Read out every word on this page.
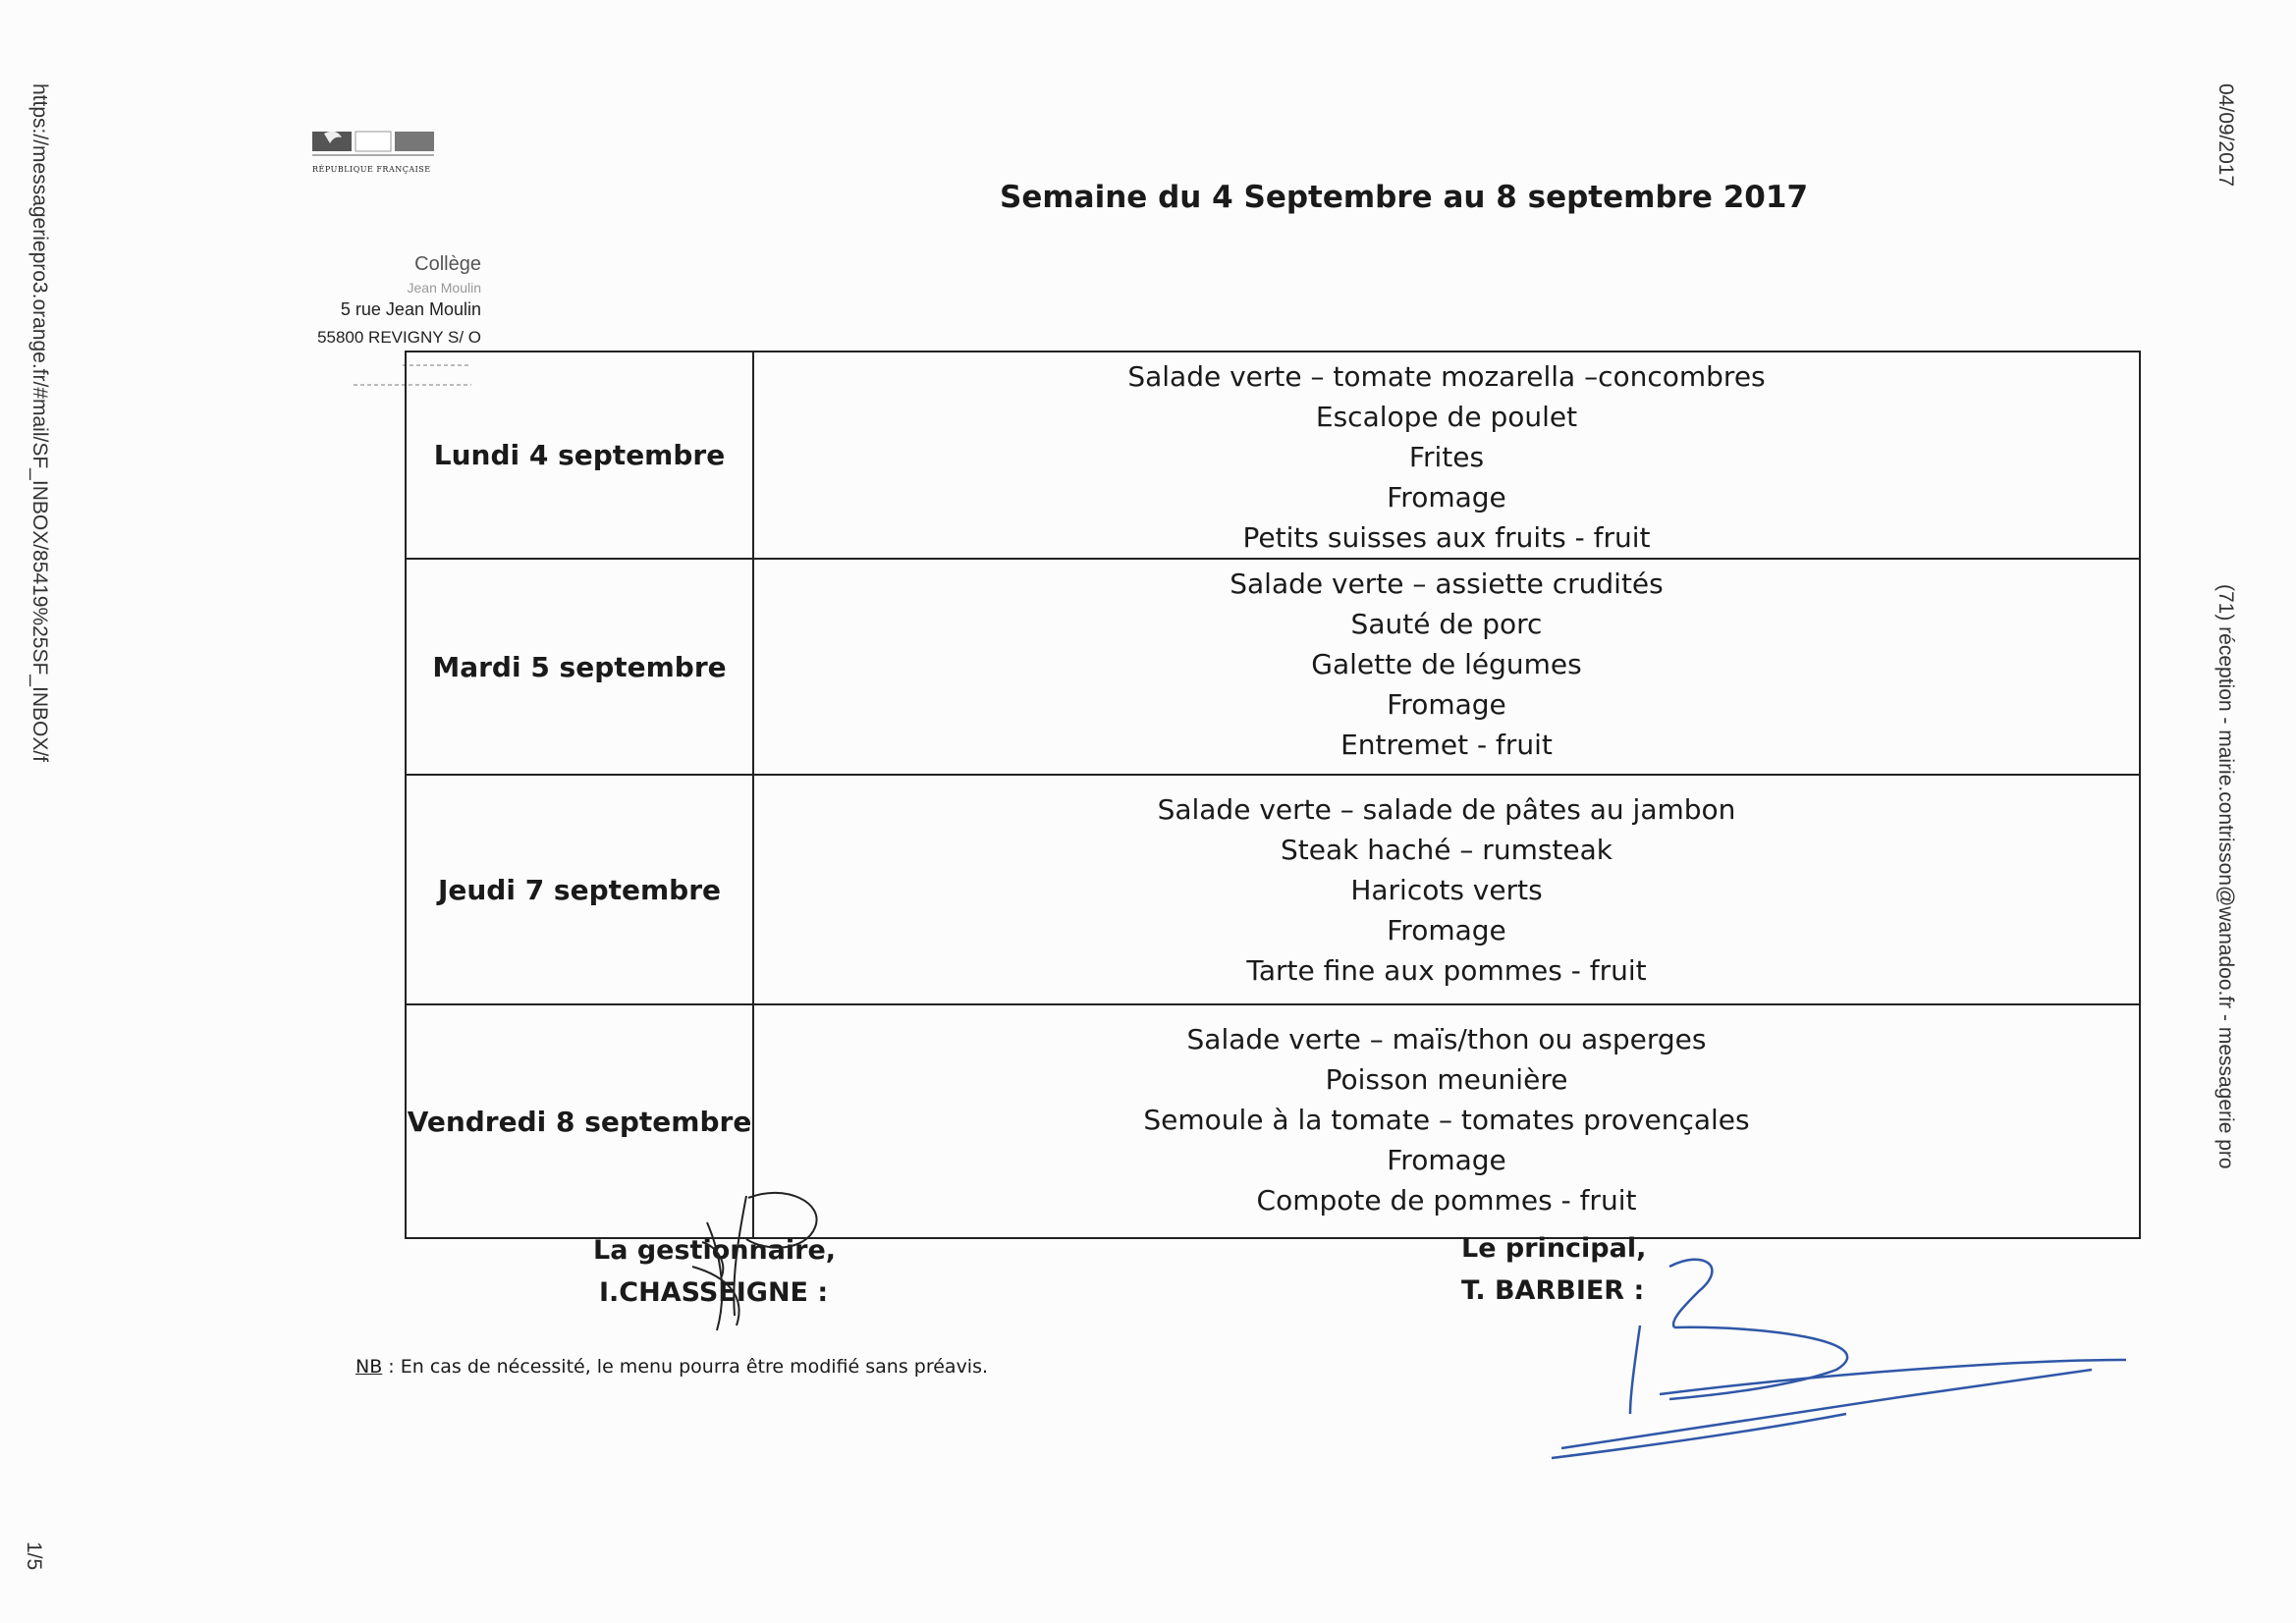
https://messageriepro3.orange.fr/#mail/SF_INBOX/85419%25SF_INBOX/f
1/5
04/09/2017
(71) réception - mairie.contrisson@wanadoo.fr - messagerie pro
RÉPUBLIQUE FRANÇAISE
Collège
Jean Moulin
5 rue Jean Moulin
55800 REVIGNY S/ O
Semaine du 4 Septembre au 8 septembre 2017
Lundi 4 septembre	Salade verte – tomate mozarella –concombres
Escalope de poulet
Frites
Fromage
Petits suisses aux fruits - fruit

Mardi 5 septembre	Salade verte – assiette crudités
Sauté de porc
Galette de légumes
Fromage
Entremet - fruit

Jeudi 7 septembre	Salade verte – salade de pâtes au jambon
Steak haché – rumsteak
Haricots verts
Fromage
Tarte fine aux pommes - fruit

Vendredi 8 septembre	Salade verte – maïs/thon ou asperges
Poisson meunière
Semoule à la tomate – tomates provençales
Fromage
Compote de pommes - fruit
La gestionnaire,
I.CHASSEIGNE :
Le principal,
T. BARBIER :
NB : En cas de nécessité, le menu pourra être modifié sans préavis.
